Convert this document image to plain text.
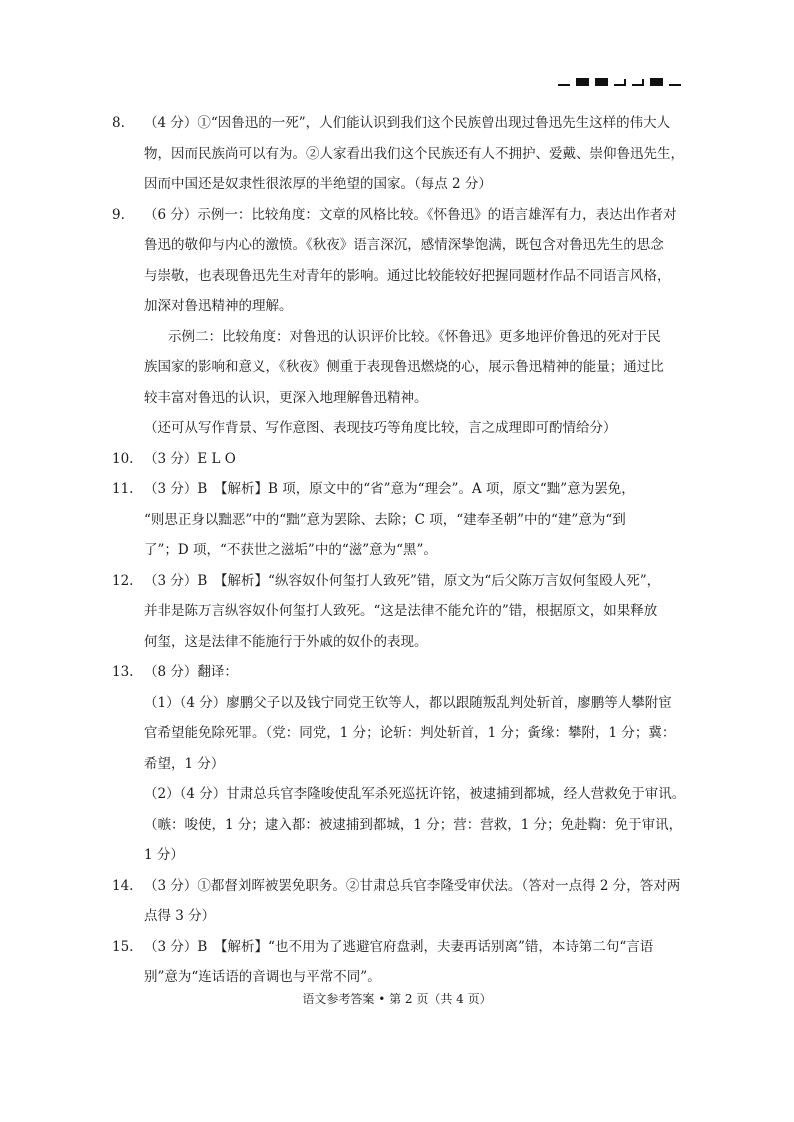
8. （4 分）①“因鲁迅的一死”，人们能认识到我们这个民族曾出现过鲁迅先生这样的伟大人
物，因而民族尚可以有为。②人家看出我们这个民族还有人不拥护、爱戴、崇仰鲁迅先生，
因而中国还是奴隶性很浓厚的半绝望的国家。（每点 2 分）
9. （6 分）示例一：比较角度：文章的风格比较。《怀鲁迅》的语言雄浑有力，表达出作者对
鲁迅的敬仰与内心的激愤。《秋夜》语言深沉，感情深挚饱满，既包含对鲁迅先生的思念
与崇敬，也表现鲁迅先生对青年的影响。通过比较能较好把握同题材作品不同语言风格，
加深对鲁迅精神的理解。
示例二：比较角度：对鲁迅的认识评价比较。《怀鲁迅》更多地评价鲁迅的死对于民
族国家的影响和意义，《秋夜》侧重于表现鲁迅燃烧的心，展示鲁迅精神的能量；通过比
较丰富对鲁迅的认识，更深入地理解鲁迅精神。
（还可从写作背景、写作意图、表现技巧等角度比较，言之成理即可酌情给分）
10. （3 分）E L O
11. （3 分）B　【解析】B 项，原文中的“省”意为“理会”。A 项，原文“黜”意为罢免，
“则思正身以黜恶”中的“黜”意为罢除、去除；C 项，“建奉圣朝”中的“建”意为“到
了”；D 项，“不获世之滋垢”中的“滋”意为“黑”。
12. （3 分）B　【解析】“纵容奴仆何玺打人致死”错，原文为“后父陈万言奴何玺殴人死”，
并非是陈万言纵容奴仆何玺打人致死。“这是法律不能允许的”错，根据原文，如果释放
何玺，这是法律不能施行于外戚的奴仆的表现。
13. （8 分）翻译：
（1）（4 分）廖鹏父子以及钱宁同党王钦等人，都以跟随叛乱判处斩首，廖鹏等人攀附宦
官希望能免除死罪。（党：同党，1 分；论斩：判处斩首，1 分；夤缘：攀附，1 分；冀：
希望，1 分）
（2）（4 分）甘肃总兵官李隆唆使乱军杀死巡抚许铭，被逮捕到都城，经人营救免于审讯。
（嗾：唆使，1 分；逮入都：被逮捕到都城，1 分；营：营救，1 分；免赴鞫：免于审讯，
1 分）
14. （3 分）①都督刘晖被罢免职务。②甘肃总兵官李隆受审伏法。（答对一点得 2 分，答对两
点得 3 分）
15. （3 分）B　【解析】“也不用为了逃避官府盘剥，夫妻再话别离”错，本诗第二句“言语
别”意为“连话语的音调也与平常不同”。
语文参考答案 • 第 2 页（共 4 页）
